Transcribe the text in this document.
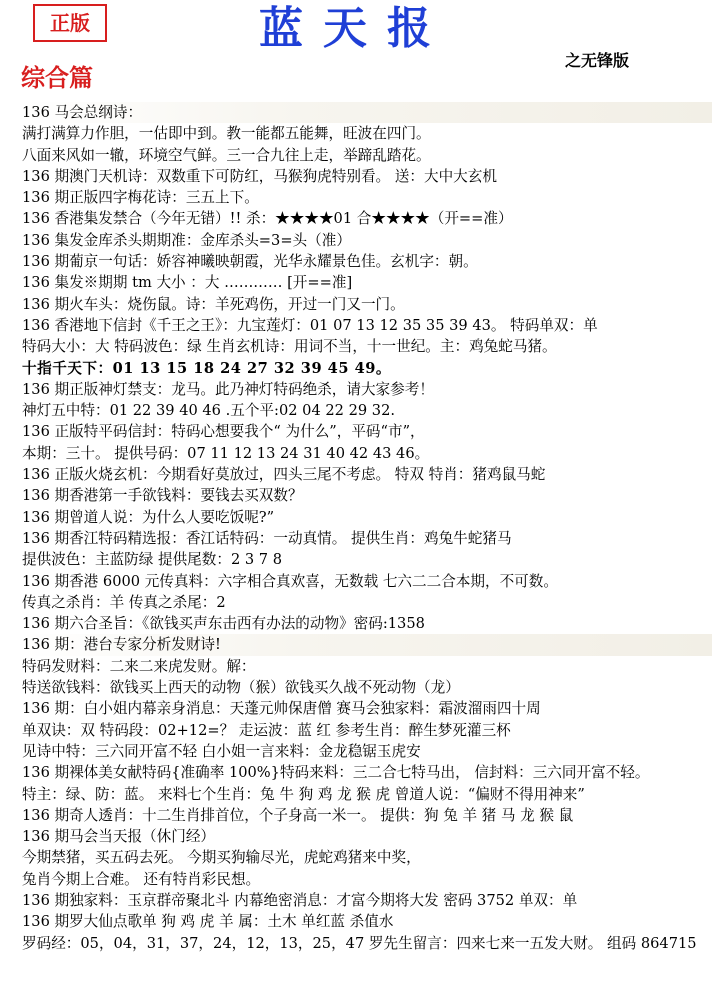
正版	蓝天报
之无锋版
综合篇
136 马会总纲诗：
满打满算力作胆，一估即中到。教一能都五能舞，旺波在四门。
八面来风如一辙，环境空气鲜。三一合九往上走，举蹄乱踏花。
136 期澳门天机诗：双数重下可防红，马猴狗虎特别看。 送：大中大玄机
136 期正版四字梅花诗：三五上下。
136 香港集发禁合（今年无错）!! 杀：★★★★01 合★★★★（开==准）
136 集发金库杀头期期准：金库杀头=3=头（准）
136 期葡京一句话：娇容神曦映朝霞，光华永耀景色佳。玄机字：朝。
136 集发※期期 tm 大小 ：大 ………… [开==准]
136 期火车头：烧伤鼠。诗：羊死鸡伤，开过一门又一门。
136 香港地下信封《千王之王》：九宝莲灯：01 07 13 12 35 35 39 43。 特码单双：单
特码大小：大 特码波色：绿 生肖玄机诗：用词不当，十一世纪。主：鸡兔蛇马猪。
十指千天下：01 13 15 18 24 27 32 39 45 49。
136 期正版神灯禁支：龙马。此乃神灯特码绝杀，请大家参考！
神灯五中特：01 22 39 40 46 .五个平:02 04 22 29 32.
136 正版特平码信封：特码心想要我个“ 为什么”，平码“市”，
本期：三十。 提供号码：07 11 12 13 24 31 40 42 43 46。
136 正版火烧玄机：今期看好莫放过，四头三尾不考虑。 特双 特肖：猪鸡鼠马蛇
136 期香港第一手欲钱料：要钱去买双数？
136 期曾道人说：为什么人要吃饭呢?”
136 期香江特码精选报：香江话特码：一动真情。 提供生肖：鸡兔牛蛇猪马
提供波色：主蓝防绿 提供尾数：2 3 7 8
136 期香港 6000 元传真料：六字相合真欢喜，无数载 七六二二合本期，不可数。
传真之杀肖：羊 传真之杀尾：2
136 期六合圣旨：《欲钱买声东击西有办法的动物》密码:1358
136 期：港台专家分析发财诗!
特码发财料：二来二来虎发财。解：
特送欲钱料：欲钱买上西天的动物（猴）欲钱买久战不死动物（龙）
136 期：白小姐内幕亲身消息：天蓬元帅保唐僧 赛马会独家料：霜波溜雨四十周
单双诀：双 特码段：02+12=？ 走运波：蓝 红 参考生肖：醉生梦死灌三杯
见诗中特：三六同开富不轻 白小姐一言来料：金龙稳锯玉虎安
136 期裸体美女献特码{准确率 100%}特码来料：三二合七特马出， 信封料：三六同开富不轻。
特主：绿、防：蓝。 来料七个生肖：兔 牛 狗 鸡 龙 猴 虎 曾道人说：“偏财不得用神来”
136 期奇人透肖：十二生肖排首位，个子身高一米一。 提供：狗 兔 羊 猪 马 龙 猴 鼠
136 期马会当天报（休门经）
今期禁猪，买五码去死。 今期买狗输尽光，虎蛇鸡猪来中奖，
兔肖今期上合难。 还有特肖彩民想。
136 期独家料：玉京群帝聚北斗 内幕绝密消息：才富今期将大发 密码 3752 单双：单
136 期罗大仙点歌单 狗 鸡 虎 羊 属：土木 单红蓝 杀值水
罗码经：05，04，31，37，24，12，13，25，47 罗先生留言：四来七来一五发大财。 组码 864715
